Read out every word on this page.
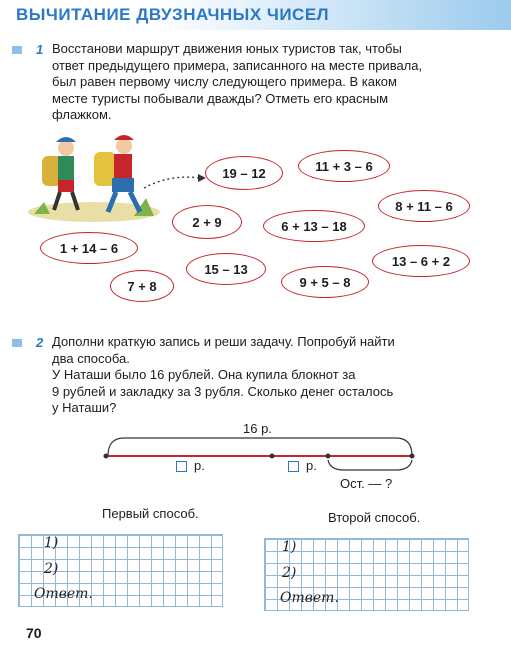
ВЫЧИТАНИЕ ДВУЗНАЧНЫХ ЧИСЕЛ
1 Восстанови маршрут движения юных туристов так, чтобы
ответ предыдущего примера, записанного на месте привала,
был равен первому числу следующего примера. В каком
месте туристы побывали дважды? Отметь его красным
флажком.
19 – 12	11 + 3 – 6
8 + 11 – 6
2 + 9	6 + 13 – 18
1 + 14 – 6
15 – 13
13 – 6 + 2
7 + 8	9 + 5 – 8
2 Дополни краткую запись и реши задачу. Попробуй найти
два способа.
У Наташи было 16 рублей. Она купила блокнот за
9 рублей и закладку за 3 рубля. Сколько денег осталось
у Наташи?
16 р.
р.	р.
Ост. — ?
Первый способ.	Второй способ.
1)
2)
Ответ.
1)
2)
Ответ.
70
